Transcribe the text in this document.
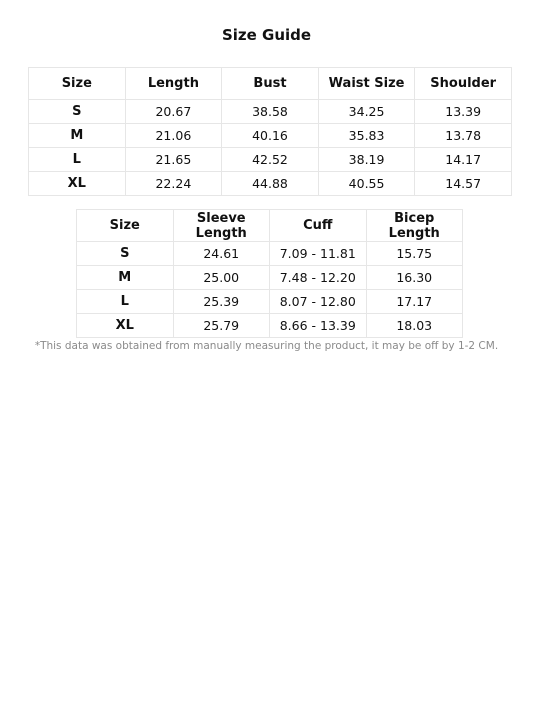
Size Guide
Size	Length	Bust	Waist Size	Shoulder
S	20.67	38.58	34.25	13.39
M	21.06	40.16	35.83	13.78
L	21.65	42.52	38.19	14.17
XL	22.24	44.88	40.55	14.57
Size	Sleeve Length	Cuff	Bicep Length
S	24.61	7.09 - 11.81	15.75
M	25.00	7.48 - 12.20	16.30
L	25.39	8.07 - 12.80	17.17
XL	25.79	8.66 - 13.39	18.03
*This data was obtained from manually measuring the product, it may be off by 1-2 CM.
